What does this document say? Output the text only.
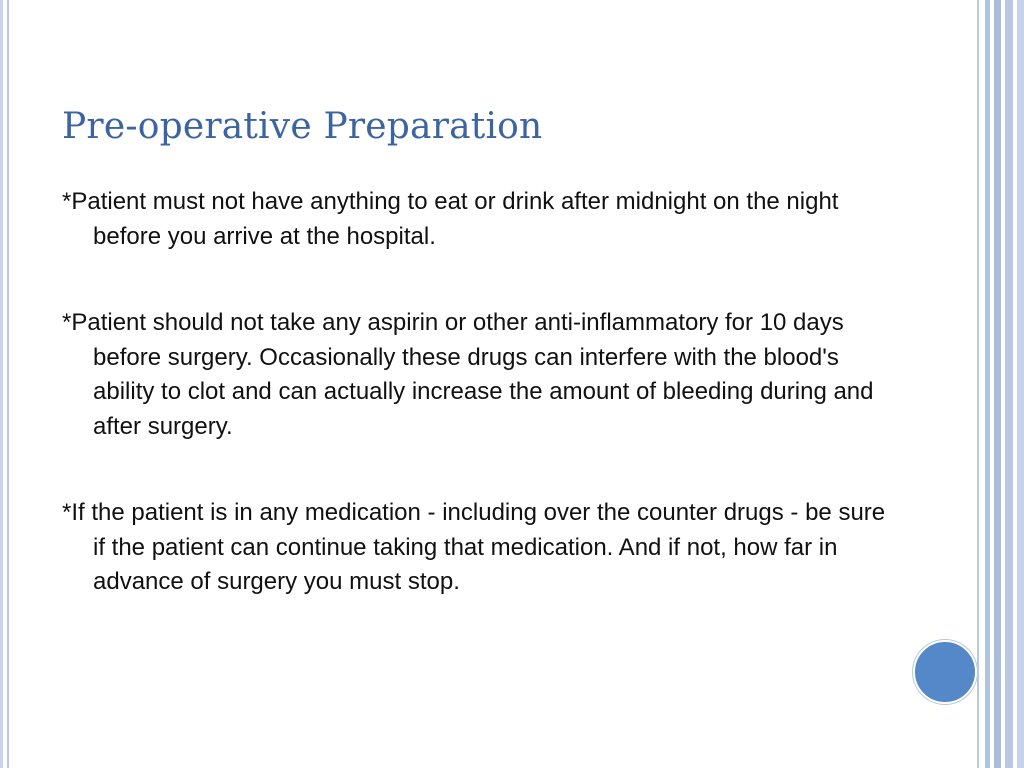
Pre-operative Preparation

*Patient must not have anything to eat or drink after midnight on the night before you arrive at the hospital.

*Patient should not take any aspirin or other anti-inflammatory for 10 days before surgery. Occasionally these drugs can interfere with the blood's ability to clot and can actually increase the amount of bleeding during and after surgery.

*If the patient is in any medication - including over the counter drugs - be sure if the patient can continue taking that medication. And if not, how far in advance of surgery you must stop.
